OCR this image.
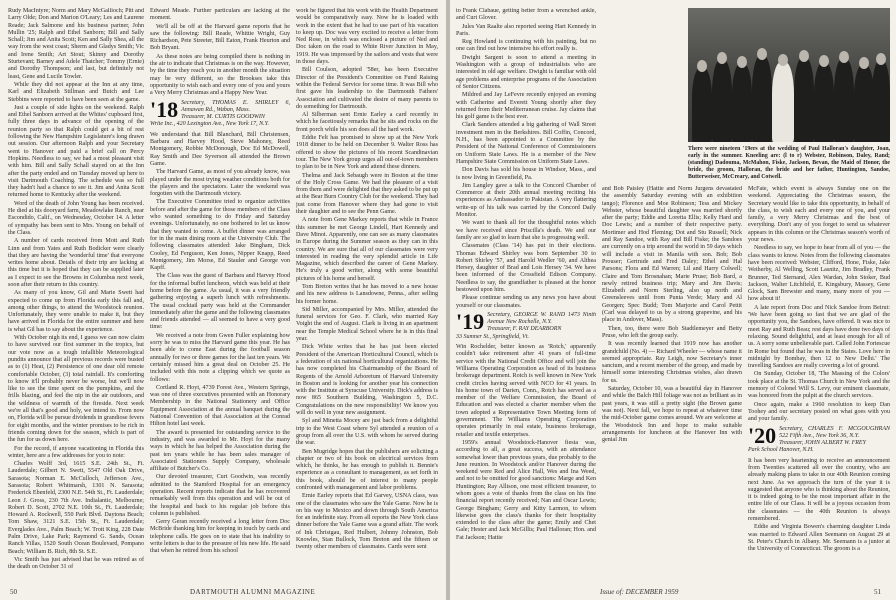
Rudy MacIntyre; Norm and Mary McGallioch; Pitt and Larry Olde; Don and Marion O'Leary; Les and Laurene Reade; Jack Salmone and his business partner, John Mullin '25; Ralph and Ethel Sanborn; Bill and Sally Schall; Jim and Anita Scott; Ken and Sally Shea, all the way from the west coast; Sherm and Gladys Smith; Vic and Irene Smith; Art Stout; Skinny and Dorothy Sturtevant; Barney and Adele Thatcher; Tommy (Ernie) and Dorothy Thompson; and last, but definitely not least, Gene and Lucile Towler.

While they did not appear at the Inn at any time, Karl and Elizabeth Stillman and Butch and Lee Stebbins were reported to have been seen at the game.

Just a couple of side lights on the weekend. Ralph and Ethel Sanborn arrived at the Whites' cupboard first, fully three days in advance of the opening of the reunion party so that Ralph could get a bit of rest following the New Hampshire Legislature's long drawn out session. Our afternoon Ralph and your Secretary went to Hanover and paid a brief call on Percy Hopkins. Needless to say, we had a most pleasant visit with him. Bill and Sally Schall stayed on at the Inn after the party ended and on Tuesday moved up here to visit Dartmouth Coaching. The schedule was so full they hadn't had a chance to see it. Jim and Anita Scott returned home to Kentucky after the weekend.

Word of the death of John Young has been received. He died at his dooryard farm, Meadowlake Ranch, near Escondido, Calif., on Wednesday, October 14. A letter of sympathy has been sent to Mrs. Young on behalf of the Class.

A number of cards received from Mott and Ruth Linn and from Yates and Ruth Bodicker were clearly that they are having the 'wonderful time' that everyone writes home about. Details of their trip are lacking at this time but it is hoped that they can be supplied later as I expect to see the Browns in Columbus next week, soon after their return to this country.

As many of you know, Gil and Marie Swett had expected to come up from Florida early this fall and, among other things, to attend the Woodstock reunion. Unfortunately, they were unable to make it, but they have arrived in Florida for the entire summer and here is what Gil has to say about the experience.

With October nigh its end, I guess we can now claim to have survived our first summer in the tropics, but our vote now as a tough infallible Meteorological pundits announce that all previous records were busted as to (1) Heat, (2) Persistence of one dear old remote comfortable October, (3) total rainfall. It's comforting to know it'll probably never be worse, but we'll now like to see the time spent on the pumpkins, and the frills blazing, and feel the nip in the air outdoors, and the wildness of warmth of the fireside. Next week we're all that's good and holy, we intend to. From now on, Florida will be pursue dividends in grandiose fevers for eight months, and the winter promises to be rich in friends coming down for the season, which is part of the fun for us down here.

For the record, if anyone vacationing in Florida this winter, here are a few addresses for you to note:

Charles Wolff 3rd, 1615 S.E. 24th St., Ft. Lauderdale; Gilbert N. Swett, 5547 Old Oak Drive, Sarasota; Norman E. McCulloch, Jefferson Ave., Sarasota; Robert Whitmarsh, 1301 N. Sarasota; Frederick Ebenfeld, 2300 N.E. 54th St., Ft. Lauderdale; Leon J. Gross, 230 7th Ave. Indialantic, Melbourne; Robert D. Scott, 2702 N.E. 10th St., Ft. Lauderdale; Howard A. Rockwell, 550 Park Blvd. Daytona Beach; Tom Shaw, 3121 S.E. 15th St., Ft. Lauderdale; Everglades Ave., Palm Beach; W. Trott King, 228 Date Palm Drive, Lake Park; Raymond G. Sands, Ocean Ranch Villas, 1520 South Ocean Boulevard, Pompano Beach; William B. Rich, 8th St. S.E.

Vic Smith has just advised that he was retired as of the death on October 31 of

Edward Meade. Further particulars are lacking at the moment.

We'll all be off at the Harvard game reports that he saw the following: Bill Reade, Whittie Wright, Guy Richardson, Pete Streeter, Bill Eaton, Frank Heurton and Bob Bryant.

As these notes are being compiled there is nothing in the air to indicate that Christmas is on the way. However, by the time they reach you in another month the situation may be very different, so the Brookses take this opportunity to wish each and every one of you and yours a Very Merry Christmas and a Happy New Year.

'18 Secretary, THOMAS E. SHIRLEY 6, Annawan Rd., Waban, Mass.
Treasurer, M. CURTIS GOODWIN
Write Inc., 420 Lexington Ave., New York 17, N.Y.

We understand that Bill Blanchard, Bill Christensen, Barbara and Harvey Hood, Steve Mahoney, Reed Montgomery, Robbie McDonough, Doc Ed McDowell, Ray Smith and Dee Syverson all attended the Brown Game.

The Harvard Game, as most of you already know, was played under the most trying weather conditions both for the players and the spectators. Later the weekend was forgotten with the Dartmouth victory.

The Executive Committee tried to organize activities before and after the game for those members of the Class who wanted something to do Friday and Saturday evenings. Unfortunately, no one bothered to let us know that they wanted to come. A buffet dinner was arranged for in the main dining room at the University Club. The following classmates attended: Jake Bingham, Dick Cooley, Ed Ferguson, Ken Jones, Nipper Knapp, Reed Montgomery, Jim Morse, Ed Stauler and George von Kapff.

The Class was the guest of Barbara and Harvey Hood for the informal buffet luncheon, which was held at their home before the game. As usual, it was a very friendly gathering enjoying a superb lunch with refreshments. The usual cocktail party was held at the Commander immediately after the game and the following classmates and friends attended — all seemed to have a very good time:

We received a note from Gwen Fuller explaining how sorry he was to miss the Harvard game this year. He has been able to come East during the football season annually for two or three games for the last ten years. We certainly missed him a great deal on October 25. He included with this note a clipping which we quote as follows:

Cortland R. Hoyt, 4739 Forest Ave., Western Springs, was one of three executives presented with an Honorary Membership in the National Stationery and Office Equipment Association at the annual banquet during the National Convention of that Association at the Conrad Hilton hotel last week.

The award is presented for outstanding service to the industry, and was awarded to Mr. Hoyt for the many ways in which he has helped the Association during the past ten years while he has been sales manager of Associated Stationers Supply Company, wholesale affiliate of Butcher's Co.

Our devoted treasurer, Curt Goodwin, was recently admitted to the Stamford Hospital for an emergency operation. Recent reports indicate that he has recovered remarkably well from this operation and will be out of the hospital and back to his regular job before this column is published.

Gerry Geran recently received a long letter from Doc McBride thanking him for keeping in touch by cards and telephone calls. He goes on to state that his inability to write letters is due to the pressure of his new life. He said that when he retired from his school

work he figured that his work with the Health Department would be comparatively easy. Now he is loaded with work in the extent that he had to use part of his vacation to keep up. Doc was very excited to receive a letter from Ned Rose, in which was enclosed a picture of Ned and Doc taken on the road to White River Junction in May, 1919. He was impressed by the sailors and vests that were in those days.

Bill Coulson, adopted '58er, has been Executive Director of the President's Committee on Fund Raising within the Federal Service for some time. It was Bill who first gave his leadership to the Dartmouth Fathers' Association and cultivated the desire of many parents to do something for Dartmouth.

Al Silberman sent Ernie Earley a card recently in which he facetiously remarks that he sits and rocks on the front porch while his son does all the hard work.

Eddie Felt has promised to show up at the New York 1918 dinner to be held on December 9. Walter Ross has offered to show the pictures of his recent Scandinavian tour. The New York group urges all out-of-town members to plan to be in New York and attend these dinners.

Thelma and Jack Sebaugh were in Boston at the time of the Holy Cross Game. We had the pleasure of a visit from them and were delighted that they asked to be put up at the Bear Burn Country Club for the weekend. They had just come from Hanover where they had gone to visit their daughter and to see the Penn Game.

A note from Gene Markey reports that while in France this summer he met George Lindell, Hart Kennedy and Dave Minot. Apparently, one can see as many classmates in Europe during the Summer season as they can in this country. We are sure that all of our classmates were very interested in reading the very splendid article in Life Magazine, which described the career of Gene Markey. He's truly a good writer, along with some beautiful pictures of his home and herself.

Tom Breton writes that he has moved to a new house and his new address is Lansdowne, Penna., after selling his former home.

Sid Miller, accompanied by Mrs. Miller, attended the funeral services for Geo. F. Clark, who married Kay Voight the end of August. Clark is living in an apartment near the Temple Medical School where he is in this final year.

Dick White writes that he has just been elected President of the American Horticultural Council, which is a federation of six national horticultural organizations. He has now completed his Chairmanship of the Board of Regents of the Arnold Arboretum of Harvard University in Boston and is looking for another year his connection with the Institute at Syracuse University. Dick's address is now 865 Southern Building, Washington 5, D.C. Congratulations on the new responsibility! We know you will do well in your new assignment.

Syl and Minetta Mocey are just back from a delightful trip to the West Coast where Syl attended a reunion of a group from all over the U.S. with whom he served during the war.

Ben Mugridge hopes that the publishers are soliciting a chapter or two of his book on electrical services from which, he thinks, he has enough to publish it. Bennie's experience as a consultant to management, as set forth in this book, should be of interest to many people confronted with management and labor problems.

Ernie Earley reports that Ed Garvey, USNA class, was one of the classmates who saw the Yale Game. Now he is on his way to Mexico and down through South America for an indefinite stay. From all reports the New York class dinner before the Yale Game was a grand affair. The work of Ink Christgau, Red Hulbert, Johnny Johnston, Bob Knowles, Stan Bullock, Tom Breton and the fifteen or twenty other members of classmates. Cards were sent

50	DARTMOUTH ALUMNI MAGAZINE

to Frank Clabaue, getting better from a wrenched ankle, and Curt Glover.

Jules Van Raalte also reported seeing Hart Kennedy in Paris.

Reg Howland is continuing with his painting, but no one can find out how intensive his effort really is.

Dwight Sargent is soon to attend a meeting in Washington with a group of industrialists who are interested in old age welfare. Dwight is familiar with old age problems and enterprise programs of the Association of Senior Citizens.

Mildred and Jay LeFevre recently enjoyed an evening with Catherine and Everett Young shortly after they returned from their Mediterranean cruise. Jay claims that his golf game is the best ever.

Clark Sanders attended a big gathering of Wall Street investment men in the Berkshires. Bill Coffin, Concord, N.H., has been appointed to a Committee by the President of the National Conference of Commissioners on Uniform State Laws. He is a member of the New Hampshire State Commission on Uniform State Laws.

Don Davis has sold his house in Windsor, Mass., and is now living in Greenfield, Pa.

Jim Langley gave a talk to the Concord Chamber of Commerce at their 20th annual meeting reciting his experiences as Ambassador to Pakistan. A very flattering write-up of his talk was carried by the Concord Daily Monitor.

We want to thank all for the thoughtful notes which we have received since Priscilla's death. We and our family are so glad to learn that she is progressing well.

Classmates (Class '14) has put in their elections. Thomas Edward Shirley was born September 30 to Robert Shirley '57, and Harold Wedler '60, and Althea Hersey, daughter of Brad and Lois Hersey '34. We have been informed of the Crossfield Edison Company. Needless to say, the grandfather is pleased at the honor bestowed upon him.

Please continue sending us any news you have about yourself or our classmates.

'19 Secretary, GEORGE W. RAND 1473 Ninth Avenue New Rochelle, N.Y.
Treasurer, F. RAY DEARBORN
33 Sumner St., Springfield, Vt.

Win Rochelder, better known as 'Rotch,' apparently couldn't take retirement after 41 years of full-time service with the National Credit Office and will join the Williams Operating Corporation as head of its business brokerage department. Rotch is well known in New York credit circles having served with NCO for 41 years. In his home town of Darien, Conn., Rotch has served as a member of the Welfare Commission, the Board of Education and was elected a charter member when the town adopted a Representative Town Meeting form of government. The Williams Operating Corporation operates primarily in real estate, business brokerage, retailer and textile enterprises.

1959's annual Woodstock-Hanover fiesta was, according to all, a great success, with an attendance somewhat lower than previous years, due probably to the June reunion. In Woodstock and/or Hanover during the weekend were Red and Alice Hall, Wes and Ina Weed, and not to be omitted for good sanctions: Marge and Ken Huntington; Ray Allison, one most efficient treasurer, to whom goes a vote of thanks from the class on his fine financial report recently received; Nan and Oscar Lewis; George Bingham; Gerry and Kitty Larmon, to whom likewise goes the class's thanks for their hospitality extended to the class after the game; Emily and Chet Gale; Hester and Jack McGillis; Paul Halloran; Hon. and Fat Jackson; Hattie

There were nineteen '19ers at the wedding of Paul Halloran's daughter, Joan, early in the summer. Kneeling are: (l to r) Webster, Robinson, Daley, Rand; (standing) Dadouma, McMahon, Fiske, Jackson, Bevan, the Maid of Honor, the bride, the groom, Halloran, the bride and her father, Huntington, Sandoe, Butterweiser, McCreary, and Cotwell.

and Bob Paisley (Hattie and Norm Jurgens devastated the assembly Saturday evening with an exhibition tango); Florence and Moe Robinson; Tess and Mickey Webster, whose beautiful daughter was married shortly after the party; Eddie and Loretta Ellis; Kelly Hard and Doc Lewis; and a number of their respective party. Mortimer and Hod Fleming; Dot and Stu Russell; Nick and Ray Sandoe, with Ray and Bill Fiske; the Sandoes are currently on a trip around the world in 59 days which will include a visit in Manila with son. Bob; Bob Prouser; Gertrude and Fred Daley; Ethel and Hal Parsons; Flora and Ed Warren; Lil and Harry Colwell; Claire and Tom Brosnahan; Marie Pruse; Bob Bard, a newly retired business trip; Mary and Jim Davis; Elizabeth and Norm Sterling, also up north and Greensleeves until from Punta Verde; Mary and Al Georgen; Spec Budd; Tom Marjorie and Carol Pettit (Carl was delayed to us by a strong grapevine, and his place in Andover, Mass).

Then, too, there were Bob Stadtlemeyer and Betty Pruse, who left the group early.

It was recently learned that 1919 now has another grandchild (No. 4) — Richard Wheeler — whose name it seemed appropriate. Ray Leigh, now Secretary's inner sanctum, and a recent member of the group, and made by himself some interesting Christmas wishes, also drawn for us.

Saturday, October 10, was a beautiful day in Hanover and while the Balch Hill foliage was not as brilliant as in past years, it was still a pretty sight (the Brown game was not). Next fall, we hope to repeat at whatever time the mid-October game comes around. We are welcome at the Woodstock Inn and hope to make suitable arrangements for luncheon at the Hanover Inn with genial Jim

McFate, which event is always Sunday one on the weekend. Appreciating the Christmas season, the Secretary would like to take this opportunity, in behalf of the class, to wish each and every one of you, and your family, a very Merry Christmas and the best of everything. Don't any of you forget to send us whatever appears in this column or the Christmas season's worth of your news.

Needless to say, we hope to hear from all of you — the class wants to know. Notes from the following classmates have been received: Webster, Clifford, Hone, Fiske, Jake Wetherby, Al Welling, Scott Lasnitz, Jim Bradley, Frank Brunner, Ted Sternand, Alex Wardan, John Stoker, Bud Jackson, Walter Litchfield, E. Kingsbury, Massey, Gene Glock, Sam Brewster and many, many more of you — how about it!

A late report from Doc and Nick Sandoe from Beirut: 'We have been going so fast that we are glad of the opportunity you, the Sandoes, have offered. It was nice to meet Ray and Ruth Beau; rest days have done two days of relaxing. Sound delightful, and at least enough for all of us. A sorry some unbelievable part. Called John Fortescue in Rome but found that he was in the States. Love here in midnight by Bombay, then 12 to New Delhi.' The travelling Sandoes are really covering a lot of ground.

On Sunday, October 18, 'The Massing of the Colors' took place at the St. Thomas Church in New York and the memory of Colonel Will S. Levy, our eminent classmate, was honored from the pulpit at the church services.

Once again, make a 1960 resolution to keep Dan Toohey and our secretary posted on what goes with you and your family.

'20 Secretary, CHARLES F. MCGOUGHRAN 522 Fifth Ave., New York 36, N.Y.
Treasurer, JOHN ALBERT W. FREY
Park School Hanover, N.H.

It has been very heartening to receive an announcement from Twenties scattered all over the country, who are already making plans to take in our 40th Reunion coming next June. As we approach the turn of the year it is suggested that anyone who is thinking about the Reunion, it is indeed going to be the most important affair in the entire life of our Class. It will be a joyous occasion from the classmates — the 40th Reunion is always remembered.

Eddie and Virginia Bowen's charming daughter Linda was married to Edward Allen Seemann on August 29 at St. Peter's Church in Albany. Mr. Seemann is a junior at the University of Connecticut. The groom is a

Issue of: DECEMBER 1959	51
